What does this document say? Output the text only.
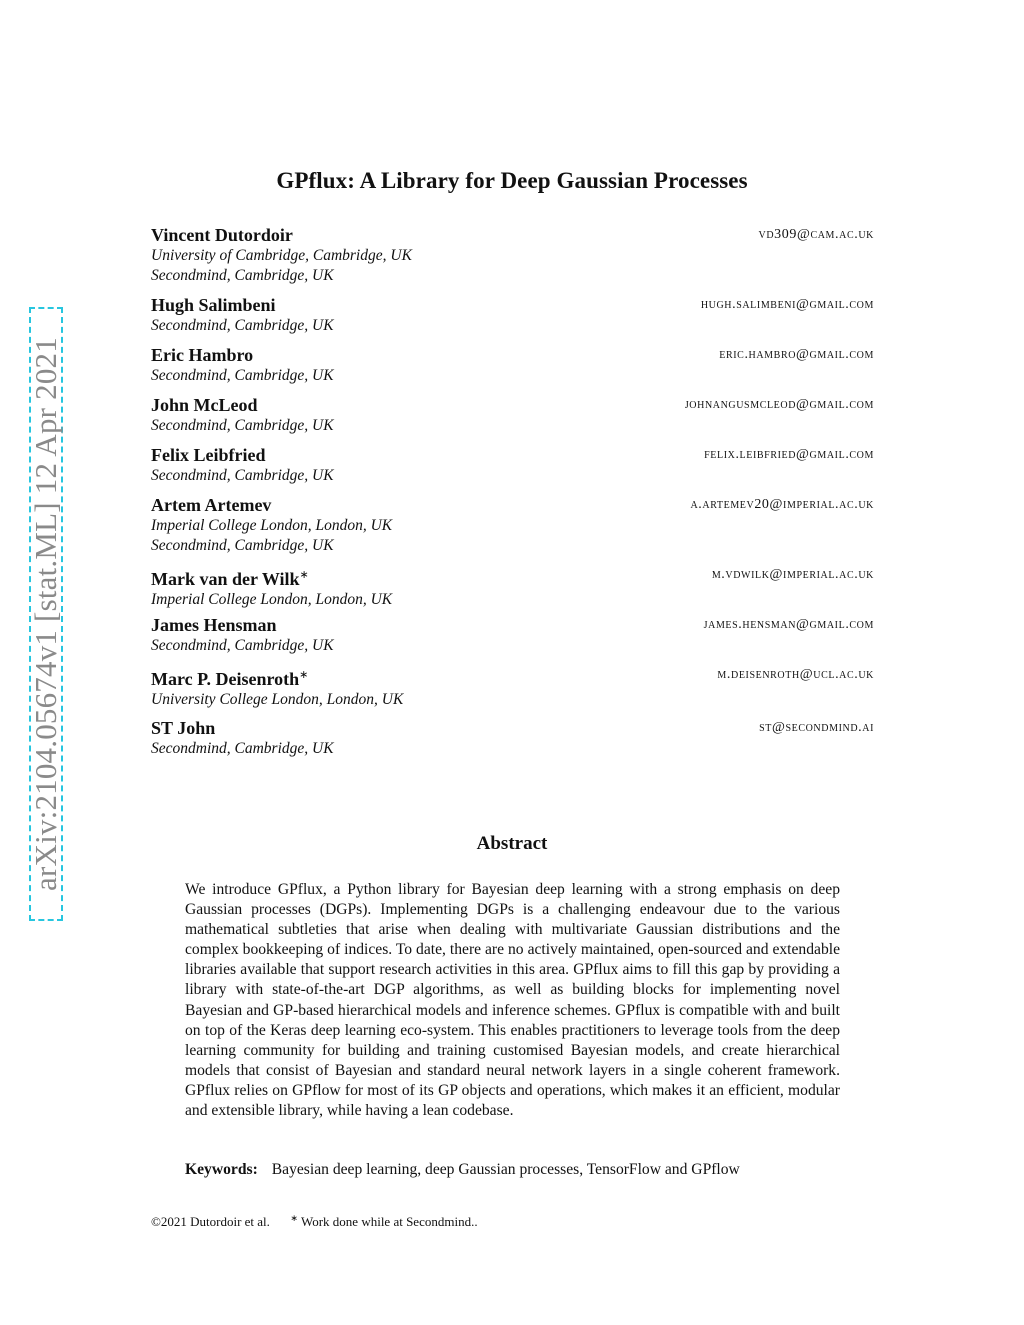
arXiv:2104.05674v1 [stat.ML] 12 Apr 2021
GPflux: A Library for Deep Gaussian Processes
Vincent Dutordoir	vd309@cam.ac.uk
University of Cambridge, Cambridge, UK
Secondmind, Cambridge, UK
Hugh Salimbeni	hugh.salimbeni@gmail.com
Secondmind, Cambridge, UK
Eric Hambro	eric.hambro@gmail.com
Secondmind, Cambridge, UK
John McLeod	johnangusmcleod@gmail.com
Secondmind, Cambridge, UK
Felix Leibfried	felix.leibfried@gmail.com
Secondmind, Cambridge, UK
Artem Artemev	a.artemev20@imperial.ac.uk
Imperial College London, London, UK
Secondmind, Cambridge, UK
Mark van der Wilk∗	m.vdwilk@imperial.ac.uk
Imperial College London, London, UK
James Hensman	james.hensman@gmail.com
Secondmind, Cambridge, UK
Marc P. Deisenroth∗	m.deisenroth@ucl.ac.uk
University College London, London, UK
ST John	st@secondmind.ai
Secondmind, Cambridge, UK
Abstract
We introduce GPflux, a Python library for Bayesian deep learning with a strong emphasis on deep Gaussian processes (DGPs). Implementing DGPs is a challenging endeavour due to the various mathematical subtleties that arise when dealing with multivariate Gaussian distributions and the complex bookkeeping of indices. To date, there are no actively maintained, open-sourced and extendable libraries available that support research activities in this area. GPflux aims to fill this gap by providing a library with state-of-the-art DGP algorithms, as well as building blocks for implementing novel Bayesian and GP-based hierarchical models and inference schemes. GPflux is compatible with and built on top of the Keras deep learning eco-system. This enables practitioners to leverage tools from the deep learning community for building and training customised Bayesian models, and create hierarchical models that consist of Bayesian and standard neural network layers in a single coherent framework. GPflux relies on GPflow for most of its GP objects and operations, which makes it an efficient, modular and extensible library, while having a lean codebase.
Keywords: Bayesian deep learning, deep Gaussian processes, TensorFlow and GPflow
©2021 Dutordoir et al. ∗ Work done while at Secondmind..
